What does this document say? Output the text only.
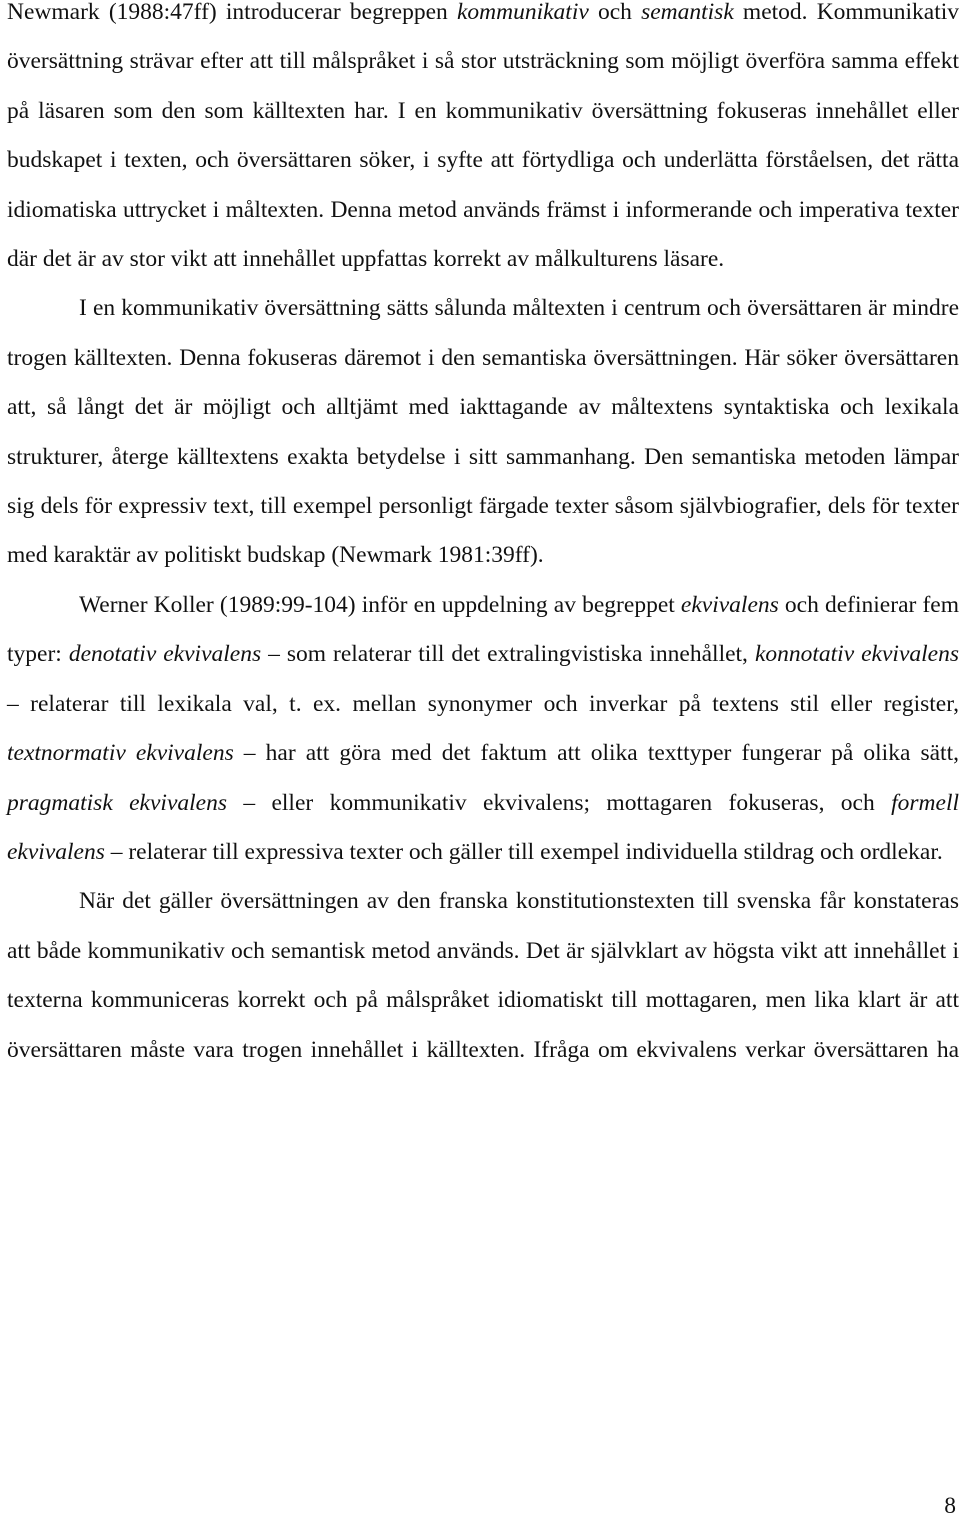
Newmark (1988:47ff) introducerar begreppen kommunikativ och semantisk metod. Kommunikativ översättning strävar efter att till målspråket i så stor utsträckning som möjligt överföra samma effekt på läsaren som den som källtexten har. I en kommunikativ översättning fokuseras innehållet eller budskapet i texten, och översättaren söker, i syfte att förtydliga och underlätta förståelsen, det rätta idiomatiska uttrycket i måltexten. Denna metod används främst i informerande och imperativa texter där det är av stor vikt att innehållet uppfattas korrekt av målkulturens läsare.

I en kommunikativ översättning sätts sålunda måltexten i centrum och översättaren är mindre trogen källtexten. Denna fokuseras däremot i den semantiska översättningen. Här söker översättaren att, så långt det är möjligt och alltjämt med iakttagande av måltextens syntaktiska och lexikala strukturer, återge källtextens exakta betydelse i sitt sammanhang. Den semantiska metoden lämpar sig dels för expressiv text, till exempel personligt färgade texter såsom självbiografier, dels för texter med karaktär av politiskt budskap (Newmark 1981:39ff).

Werner Koller (1989:99-104) inför en uppdelning av begreppet ekvivalens och definierar fem typer: denotativ ekvivalens – som relaterar till det extralingvistiska innehållet, konnotativ ekvivalens – relaterar till lexikala val, t. ex. mellan synonymer och inverkar på textens stil eller register, textnormativ ekvivalens – har att göra med det faktum att olika texttyper fungerar på olika sätt, pragmatisk ekvivalens – eller kommunikativ ekvivalens; mottagaren fokuseras, och formell ekvivalens – relaterar till expressiva texter och gäller till exempel individuella stildrag och ordlekar.

När det gäller översättningen av den franska konstitutionstexten till svenska får konstateras att både kommunikativ och semantisk metod används. Det är självklart av högsta vikt att innehållet i texterna kommuniceras korrekt och på målspråket idiomatiskt till mottagaren, men lika klart är att översättaren måste vara trogen innehållet i källtexten. Ifråga om ekvivalens verkar översättaren ha

8
